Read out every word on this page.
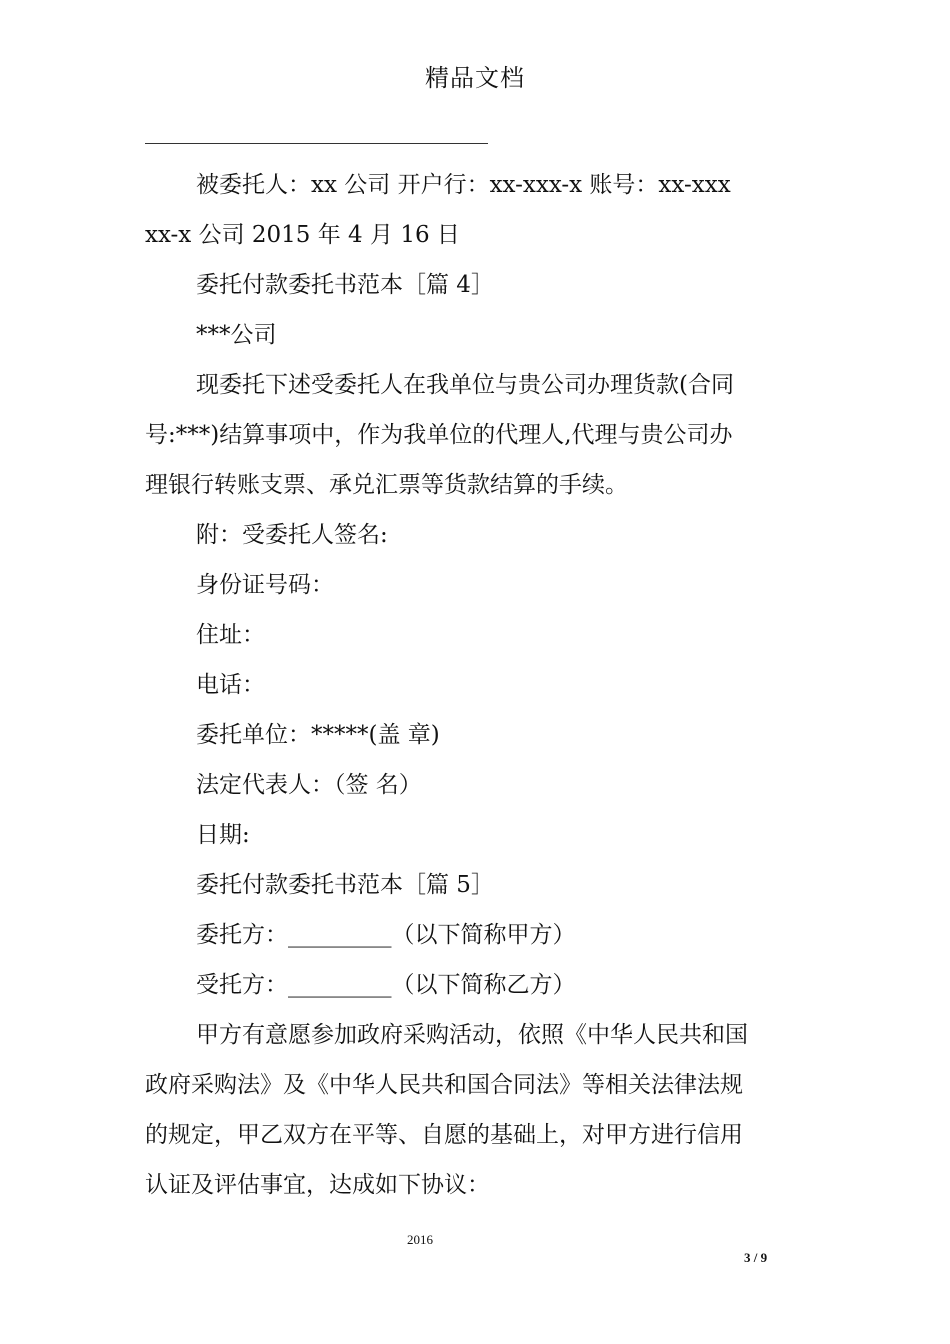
精品文档
被委托人：xx 公司 开户行：xx-xxx-x 账号：xx-xxx
xx-x 公司 2015 年 4 月 16 日
委托付款委托书范本［篇 4］
***公司
现委托下述受委托人在我单位与贵公司办理货款(合同
号:***)结算事项中，作为我单位的代理人,代理与贵公司办
理银行转账支票、承兑汇票等货款结算的手续。
附：受委托人签名:
身份证号码：
住址：
电话：
委托单位：*****(盖 章)
法定代表人：（签 名）
日期:
委托付款委托书范本［篇 5］
委托方：_________（以下简称甲方）
受托方：_________（以下简称乙方）
甲方有意愿参加政府采购活动，依照《中华人民共和国
政府采购法》及《中华人民共和国合同法》等相关法律法规
的规定，甲乙双方在平等、自愿的基础上，对甲方进行信用
认证及评估事宜，达成如下协议：
2016
3 / 9
